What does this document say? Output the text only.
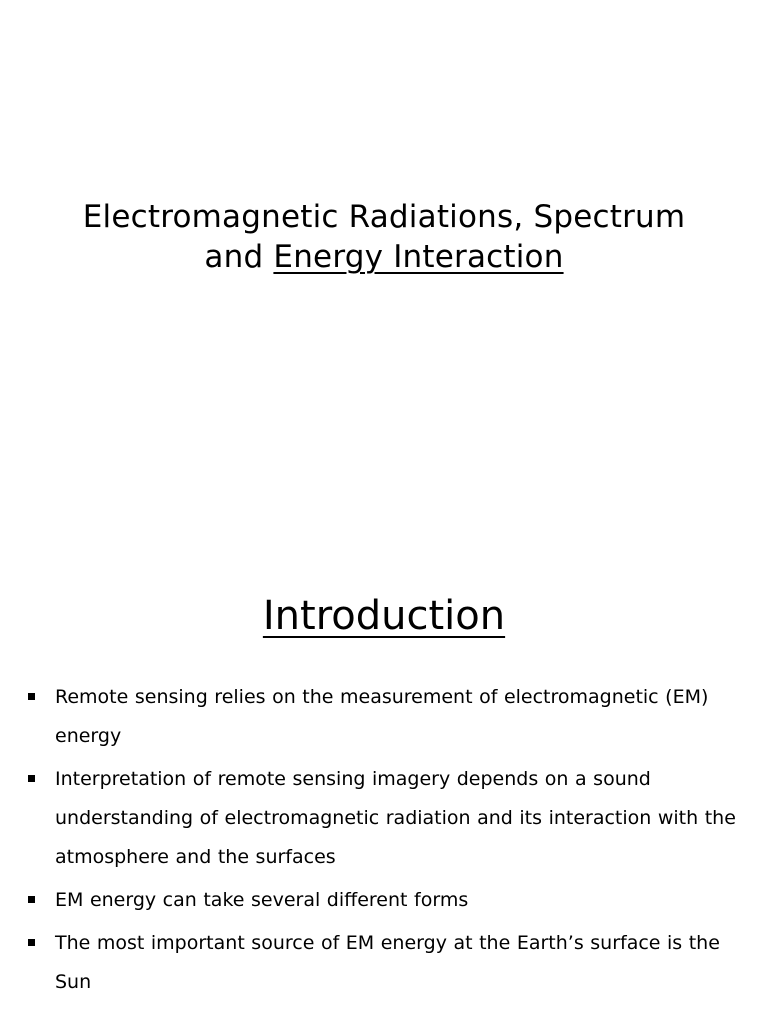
Electromagnetic Radiations, Spectrum
and Energy Interaction
Introduction
Remote sensing relies on the measurement of electromagnetic (EM) energy
Interpretation of remote sensing imagery depends on a sound understanding of electromagnetic radiation and its interaction with the atmosphere and the surfaces
EM energy can take several different forms
The most important source of EM energy at the Earth’s surface is the Sun
